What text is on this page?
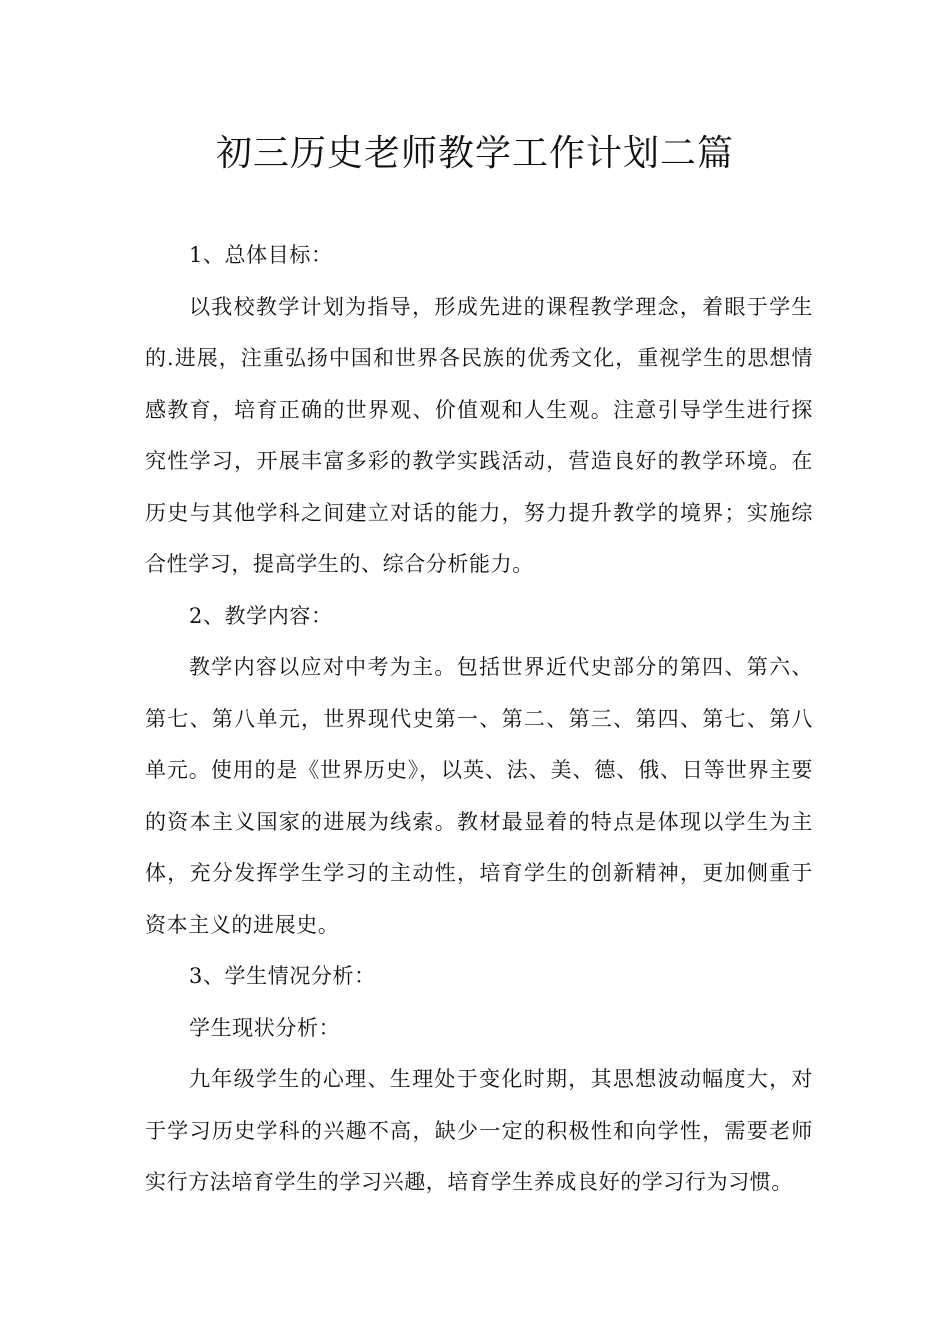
初三历史老师教学工作计划二篇

1、总体目标：

以我校教学计划为指导，形成先进的课程教学理念，着眼于学生的.进展，注重弘扬中国和世界各民族的优秀文化，重视学生的思想情感教育，培育正确的世界观、价值观和人生观。注意引导学生进行探究性学习，开展丰富多彩的教学实践活动，营造良好的教学环境。在历史与其他学科之间建立对话的能力，努力提升教学的境界；实施综合性学习，提高学生的、综合分析能力。

2、教学内容：

教学内容以应对中考为主。包括世界近代史部分的第四、第六、第七、第八单元，世界现代史第一、第二、第三、第四、第七、第八单元。使用的是《世界历史》，以英、法、美、德、俄、日等世界主要的资本主义国家的进展为线索。教材最显着的特点是体现以学生为主体，充分发挥学生学习的主动性，培育学生的创新精神，更加侧重于资本主义的进展史。

3、学生情况分析：

学生现状分析：

九年级学生的心理、生理处于变化时期，其思想波动幅度大，对于学习历史学科的兴趣不高，缺少一定的积极性和向学性，需要老师实行方法培育学生的学习兴趣，培育学生养成良好的学习行为习惯。
